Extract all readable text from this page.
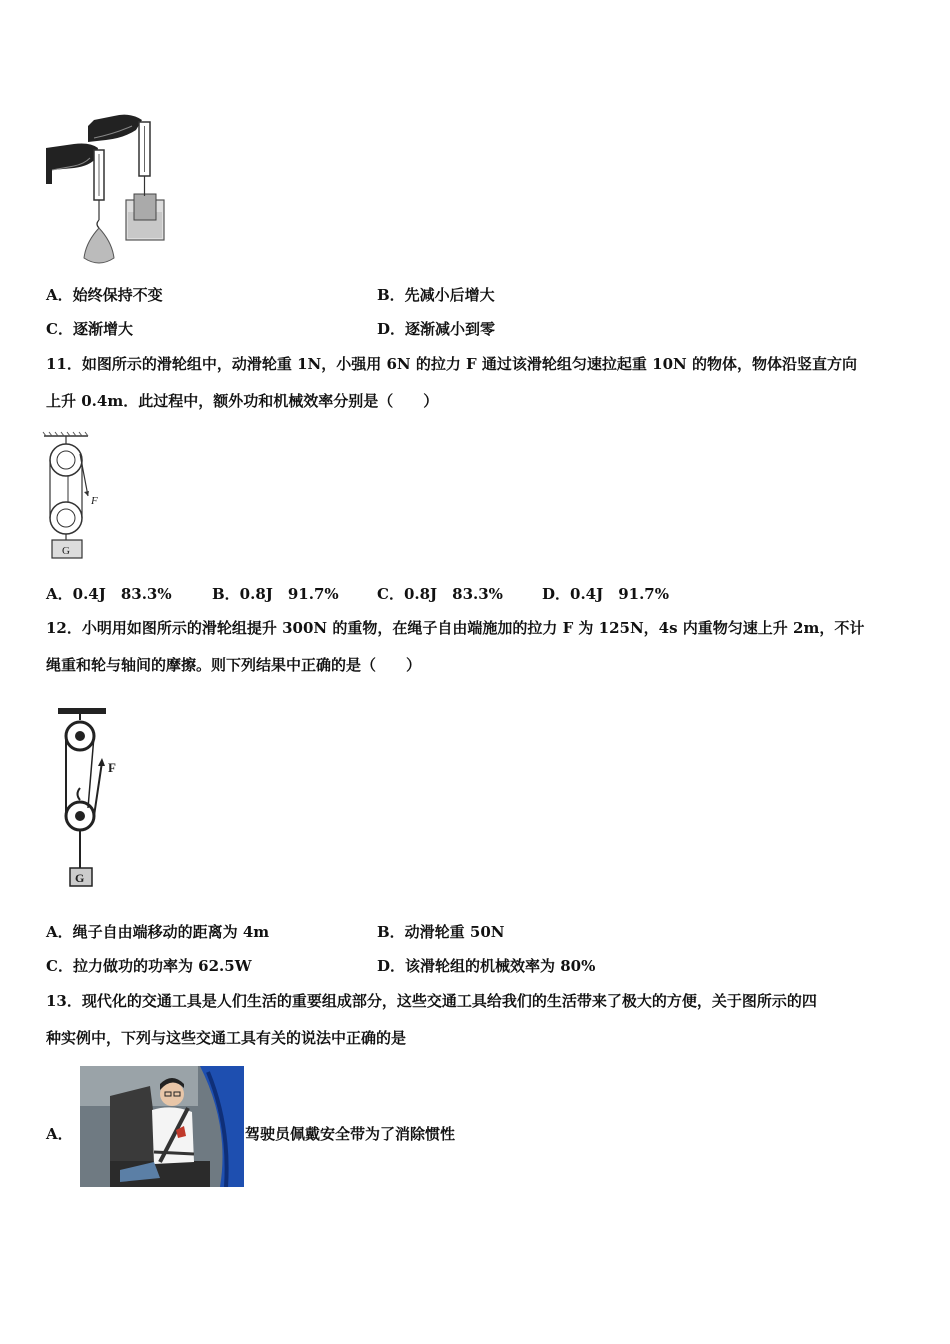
A．始终保持不变	B．先减小后增大
C．逐渐增大	D．逐渐减小到零
11．如图所示的滑轮组中，动滑轮重 1N，小强用 6N 的拉力 F 通过该滑轮组匀速拉起重 10N 的物体，物体沿竖直方向
上升 0.4m．此过程中，额外功和机械效率分别是（　　）
F
G
A．0.4J　83.3%	B．0.8J　91.7%	C．0.8J　83.3%	D．0.4J　91.7%
12．小明用如图所示的滑轮组提升 300N 的重物，在绳子自由端施加的拉力 F 为 125N，4s 内重物匀速上升 2m，不计
绳重和轮与轴间的摩擦。则下列结果中正确的是（　　）
F
G
A．绳子自由端移动的距离为 4m	B．动滑轮重 50N
C．拉力做功的功率为 62.5W	D．该滑轮组的机械效率为 80%
13．现代化的交通工具是人们生活的重要组成部分，这些交通工具给我们的生活带来了极大的方便，关于图所示的四
种实例中，下列与这些交通工具有关的说法中正确的是
A．	驾驶员佩戴安全带为了消除惯性
